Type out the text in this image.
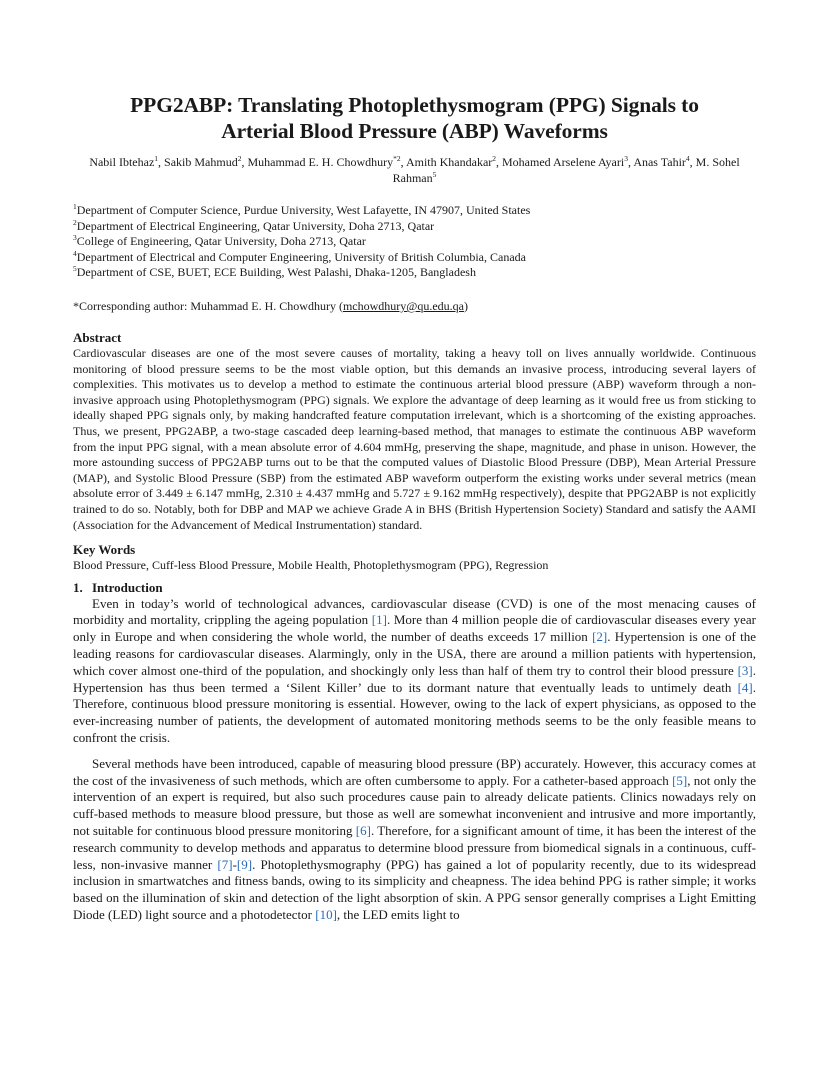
PPG2ABP: Translating Photoplethysmogram (PPG) Signals to
Arterial Blood Pressure (ABP) Waveforms
Nabil Ibtehaz$^1$, Sakib Mahmud$^2$, Muhammad E. H. Chowdhury$^{*2}$, Amith Khandakar$^2$, Mohamed Arselene Ayari$^3$, Anas Tahir$^4$, M. Sohel Rahman$^5$
$^1$Department of Computer Science, Purdue University, West Lafayette, IN 47907, United States
$^2$Department of Electrical Engineering, Qatar University, Doha 2713, Qatar
$^3$College of Engineering, Qatar University, Doha 2713, Qatar
$^4$Department of Electrical and Computer Engineering, University of British Columbia, Canada
$^5$Department of CSE, BUET, ECE Building, West Palashi, Dhaka-1205, Bangladesh
*Corresponding author: Muhammad E. H. Chowdhury (mchowdhury@qu.edu.qa)
Abstract

Cardiovascular diseases are one of the most severe causes of mortality, taking a heavy toll on lives annually worldwide. Continuous monitoring of blood pressure seems to be the most viable option, but this demands an invasive process, introducing several layers of complexities. This motivates us to develop a method to estimate the continuous arterial blood pressure (ABP) waveform through a non-invasive approach using Photoplethysmogram (PPG) signals. We explore the advantage of deep learning as it would free us from sticking to ideally shaped PPG signals only, by making handcrafted feature computation irrelevant, which is a shortcoming of the existing approaches. Thus, we present, PPG2ABP, a two-stage cascaded deep learning-based method, that manages to estimate the continuous ABP waveform from the input PPG signal, with a mean absolute error of 4.604 mmHg, preserving the shape, magnitude, and phase in unison. However, the more astounding success of PPG2ABP turns out to be that the computed values of Diastolic Blood Pressure (DBP), Mean Arterial Pressure (MAP), and Systolic Blood Pressure (SBP) from the estimated ABP waveform outperform the existing works under several metrics (mean absolute error of 3.449 ± 6.147 mmHg, 2.310 ± 4.437 mmHg and 5.727 ± 9.162 mmHg respectively), despite that PPG2ABP is not explicitly trained to do so. Notably, both for DBP and MAP we achieve Grade A in BHS (British Hypertension Society) Standard and satisfy the AAMI (Association for the Advancement of Medical Instrumentation) standard.

Key Words

Blood Pressure, Cuff-less Blood Pressure, Mobile Health, Photoplethysmogram (PPG), Regression

1. Introduction

Even in today’s world of technological advances, cardiovascular disease (CVD) is one of the most menacing causes of morbidity and mortality, crippling the ageing population [1]. More than 4 million people die of cardiovascular diseases every year only in Europe and when considering the whole world, the number of deaths exceeds 17 million [2]. Hypertension is one of the leading reasons for cardiovascular diseases. Alarmingly, only in the USA, there are around a million patients with hypertension, which cover almost one-third of the population, and shockingly only less than half of them try to control their blood pressure [3]. Hypertension has thus been termed a ‘Silent Killer’ due to its dormant nature that eventually leads to untimely death [4]. Therefore, continuous blood pressure monitoring is essential. However, owing to the lack of expert physicians, as opposed to the ever-increasing number of patients, the development of automated monitoring methods seems to be the only feasible means to confront the crisis.

Several methods have been introduced, capable of measuring blood pressure (BP) accurately. However, this accuracy comes at the cost of the invasiveness of such methods, which are often cumbersome to apply. For a catheter-based approach [5], not only the intervention of an expert is required, but also such procedures cause pain to already delicate patients. Clinics nowadays rely on cuff-based methods to measure blood pressure, but those as well are somewhat inconvenient and intrusive and more importantly, not suitable for continuous blood pressure monitoring [6]. Therefore, for a significant amount of time, it has been the interest of the research community to develop methods and apparatus to determine blood pressure from biomedical signals in a continuous, cuff-less, non-invasive manner [7]-[9]. Photoplethysmography (PPG) has gained a lot of popularity recently, due to its widespread inclusion in smartwatches and fitness bands, owing to its simplicity and cheapness. The idea behind PPG is rather simple; it works based on the illumination of skin and detection of the light absorption of skin. A PPG sensor generally comprises a Light Emitting Diode (LED) light source and a photodetector [10], the LED emits light to
